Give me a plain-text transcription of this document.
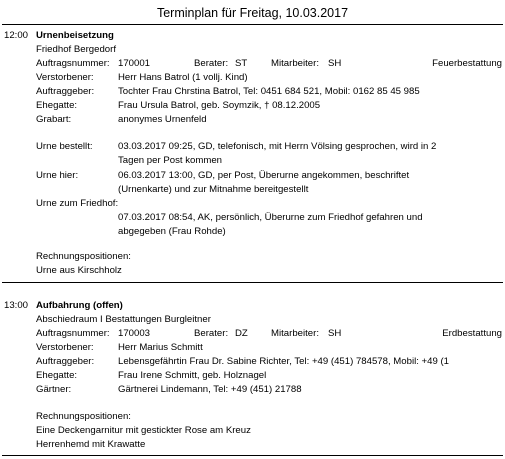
Terminplan für Freitag, 10.03.2017
12:00 Urnenbeisetzung
Friedhof Bergedorf
Auftragsnummer: 170001	Berater: ST Mitarbeiter: SH	Feuerbestattung
Verstorbener:	Herr Hans Batrol (1 vollj. Kind)
Auftraggeber: Tochter Frau Chrstina Batrol, Tel: 0451 684 521, Mobil: 0162 85 45 985
Ehegatte:	Frau Ursula Batrol, geb. Soymzik, † 08.12.2005
Grabart:	anonymes Urnenfeld
Urne bestellt:	03.03.2017 09:25, GD, telefonisch, mit Herrn Völsing gesprochen, wird in 2
Tagen per Post kommen
Urne hier:	06.03.2017 13:00, GD, per Post, Überurne angekommen, beschriftet
(Urnenkarte) und zur Mitnahme bereitgestellt
Urne zum Friedhof:
07.03.2017 08:54, AK, persönlich, Überurne zum Friedhof gefahren und
abgegeben (Frau Rohde)
Rechnungspositionen:
Urne aus Kirschholz
13:00 Aufbahrung (offen)
Abschiedraum I Bestattungen Burgleitner
Auftragsnummer: 170003	Berater: DZ Mitarbeiter: SH	Erdbestattung
Verstorbener:	Herr Marius Schmitt
Auftraggeber: Lebensgefährtin Frau Dr. Sabine Richter, Tel: +49 (451) 784578, Mobil: +49 (1
Ehegatte:	Frau Irene Schmitt, geb. Holznagel
Gärtner:	Gärtnerei Lindemann, Tel: +49 (451) 21788
Rechnungspositionen:
Eine Deckengarnitur mit gestickter Rose am Kreuz
Herrenhemd mit Krawatte
